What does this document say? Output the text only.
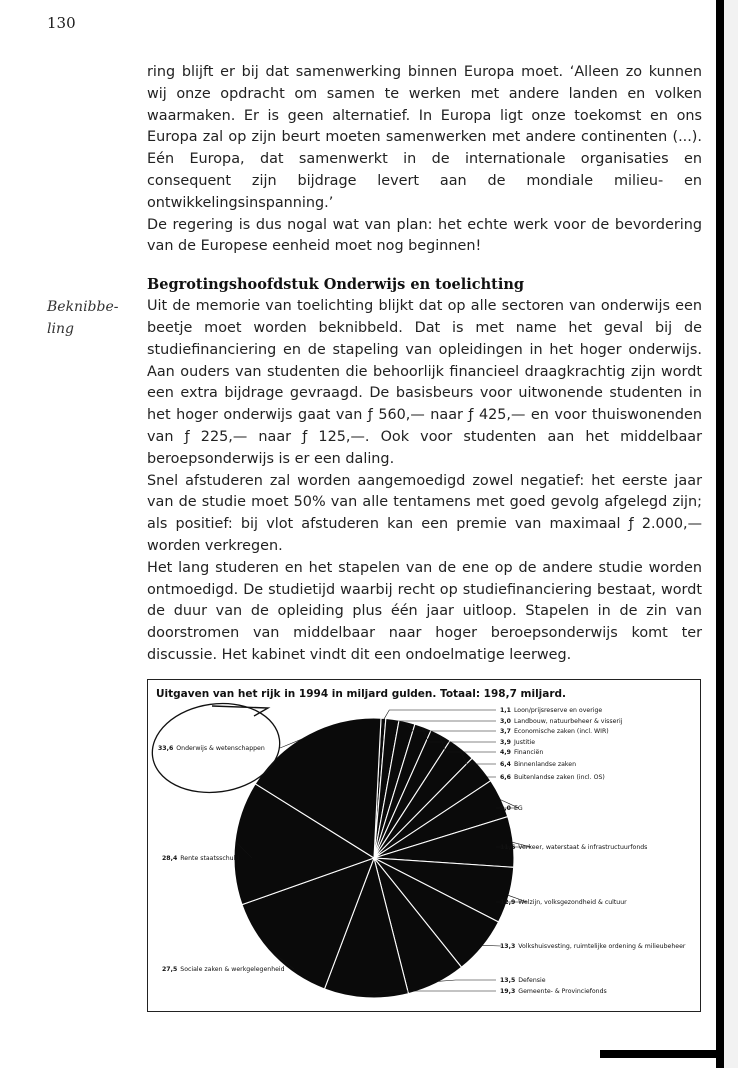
130
Beknibbe-
ling

ring blijft er bij dat samenwerking binnen Europa moet. ‘Alleen zo kunnen wij onze opdracht om samen te werken met andere landen en volken waarmaken. Er is geen alternatief. In Europa ligt onze toekomst en ons Europa zal op zijn beurt moeten samenwerken met andere continenten (...). Eén Europa, dat samenwerkt in de internationale organisaties en consequent zijn bijdrage levert aan de mondiale milieu- en ontwikkelingsinspanning.’

De regering is dus nogal wat van plan: het echte werk voor de bevordering van de Europese eenheid moet nog beginnen!

Begrotingshoofdstuk Onderwijs en toelichting

Uit de memorie van toelichting blijkt dat op alle sectoren van onderwijs een beetje moet worden beknibbeld. Dat is met name het geval bij de studiefinanciering en de stapeling van opleidingen in het hoger onderwijs. Aan ouders van studenten die behoorlijk financieel draagkrachtig zijn wordt een extra bijdrage gevraagd. De basisbeurs voor uitwonende studenten in het hoger onderwijs gaat van ƒ 560,— naar ƒ 425,— en voor thuiswonenden van ƒ 225,— naar ƒ 125,—. Ook voor studenten aan het middelbaar beroepsonderwijs is er een daling.

Snel afstuderen zal worden aangemoedigd zowel negatief: het eerste jaar van de studie moet 50% van alle tentamens met goed gevolg afgelegd zijn; als positief: bij vlot afstuderen kan een premie van maximaal ƒ 2.000,— worden verkregen.

Het lang studeren en het stapelen van de ene op de andere studie worden ontmoedigd. De studietijd waarbij recht op studiefinanciering bestaat, wordt de duur van de opleiding plus één jaar uitloop. Stapelen in de zin van doorstromen van middelbaar naar hoger beroepsonderwijs komt ter discussie. Het kabinet vindt dit een ondoelmatige leerweg.

1,1 Loon/prijsreserve en overige
3,0 Landbouw, natuurbeheer & visserij
3,7 Economische zaken (incl. WIR)
3,9 Justitie
4,9 Financiën
6,4 Binnenlandse zaken
6,6 Buitenlandse zaken (incl. OS)
9,0 EG
11,6 Verkeer, waterstaat & infrastructuurfonds
12,9 Welzijn, volksgezondheid & cultuur
13,3 Volkshuisvesting, ruimtelijke ordening & milieubeheer
13,5 Defensie
19,3 Gemeente- & Provinciefonds
27,5 Sociale zaken & werkgelegenheid
28,4 Rente staatsschuld
33,6 Onderwijs & wetenschappen
Uitgaven van het rijk in 1994 in miljard gulden. Totaal: 198,7 miljard.
